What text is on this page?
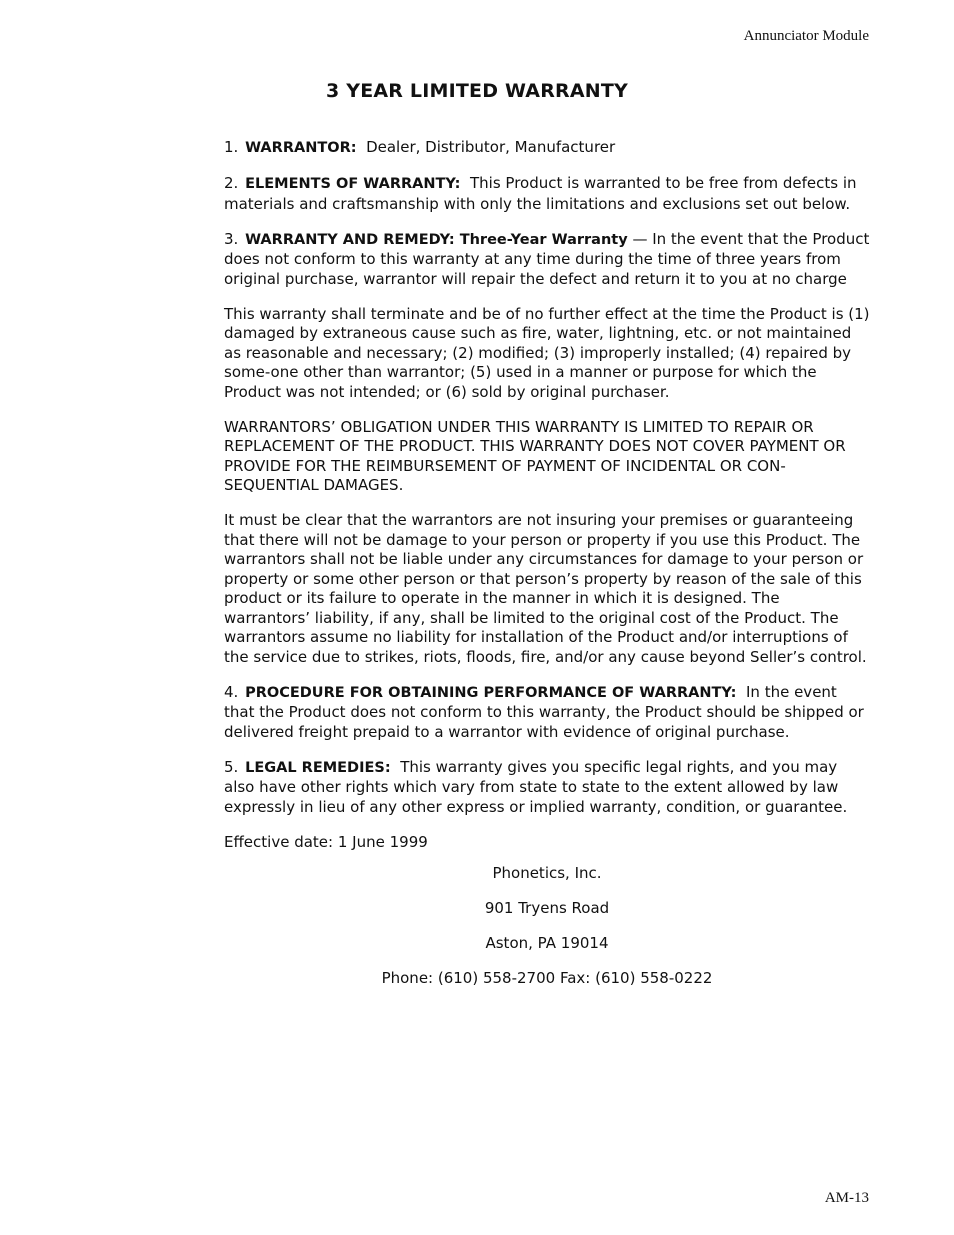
Annunciator Module
3 YEAR LIMITED WARRANTY

1. WARRANTOR: Dealer, Distributor, Manufacturer

2. ELEMENTS OF WARRANTY: This Product is warranted to be free from defects in materials and craftsmanship with only the limitations and exclusions set out below.

3. WARRANTY AND REMEDY: Three-Year Warranty — In the event that the Product does not conform to this warranty at any time during the time of three years from original purchase, warrantor will repair the defect and return it to you at no charge

This warranty shall terminate and be of no further effect at the time the Product is (1) damaged by extraneous cause such as fire, water, lightning, etc. or not maintained as reasonable and necessary; (2) modified; (3) improperly installed; (4) repaired by some-one other than warrantor; (5) used in a manner or purpose for which the Product was not intended; or (6) sold by original purchaser.

WARRANTORS’ OBLIGATION UNDER THIS WARRANTY IS LIMITED TO REPAIR OR REPLACEMENT OF THE PRODUCT. THIS WARRANTY DOES NOT COVER PAYMENT OR PROVIDE FOR THE REIMBURSEMENT OF PAYMENT OF INCIDENTAL OR CON-SEQUENTIAL DAMAGES.

It must be clear that the warrantors are not insuring your premises or guaranteeing that there will not be damage to your person or property if you use this Product. The warrantors shall not be liable under any circumstances for damage to your person or property or some other person or that person’s property by reason of the sale of this product or its failure to operate in the manner in which it is designed. The warrantors’ liability, if any, shall be limited to the original cost of the Product. The warrantors assume no liability for installation of the Product and/or interruptions of the service due to strikes, riots, floods, fire, and/or any cause beyond Seller’s control.

4. PROCEDURE FOR OBTAINING PERFORMANCE OF WARRANTY: In the event that the Product does not conform to this warranty, the Product should be shipped or delivered freight prepaid to a warrantor with evidence of original purchase.

5. LEGAL REMEDIES: This warranty gives you specific legal rights, and you may also have other rights which vary from state to state to the extent allowed by law expressly in lieu of any other express or implied warranty, condition, or guarantee.

Effective date: 1 June 1999

Phonetics, Inc.
901 Tryens Road
Aston, PA 19014
Phone: (610) 558-2700 Fax: (610) 558-0222
AM-13
